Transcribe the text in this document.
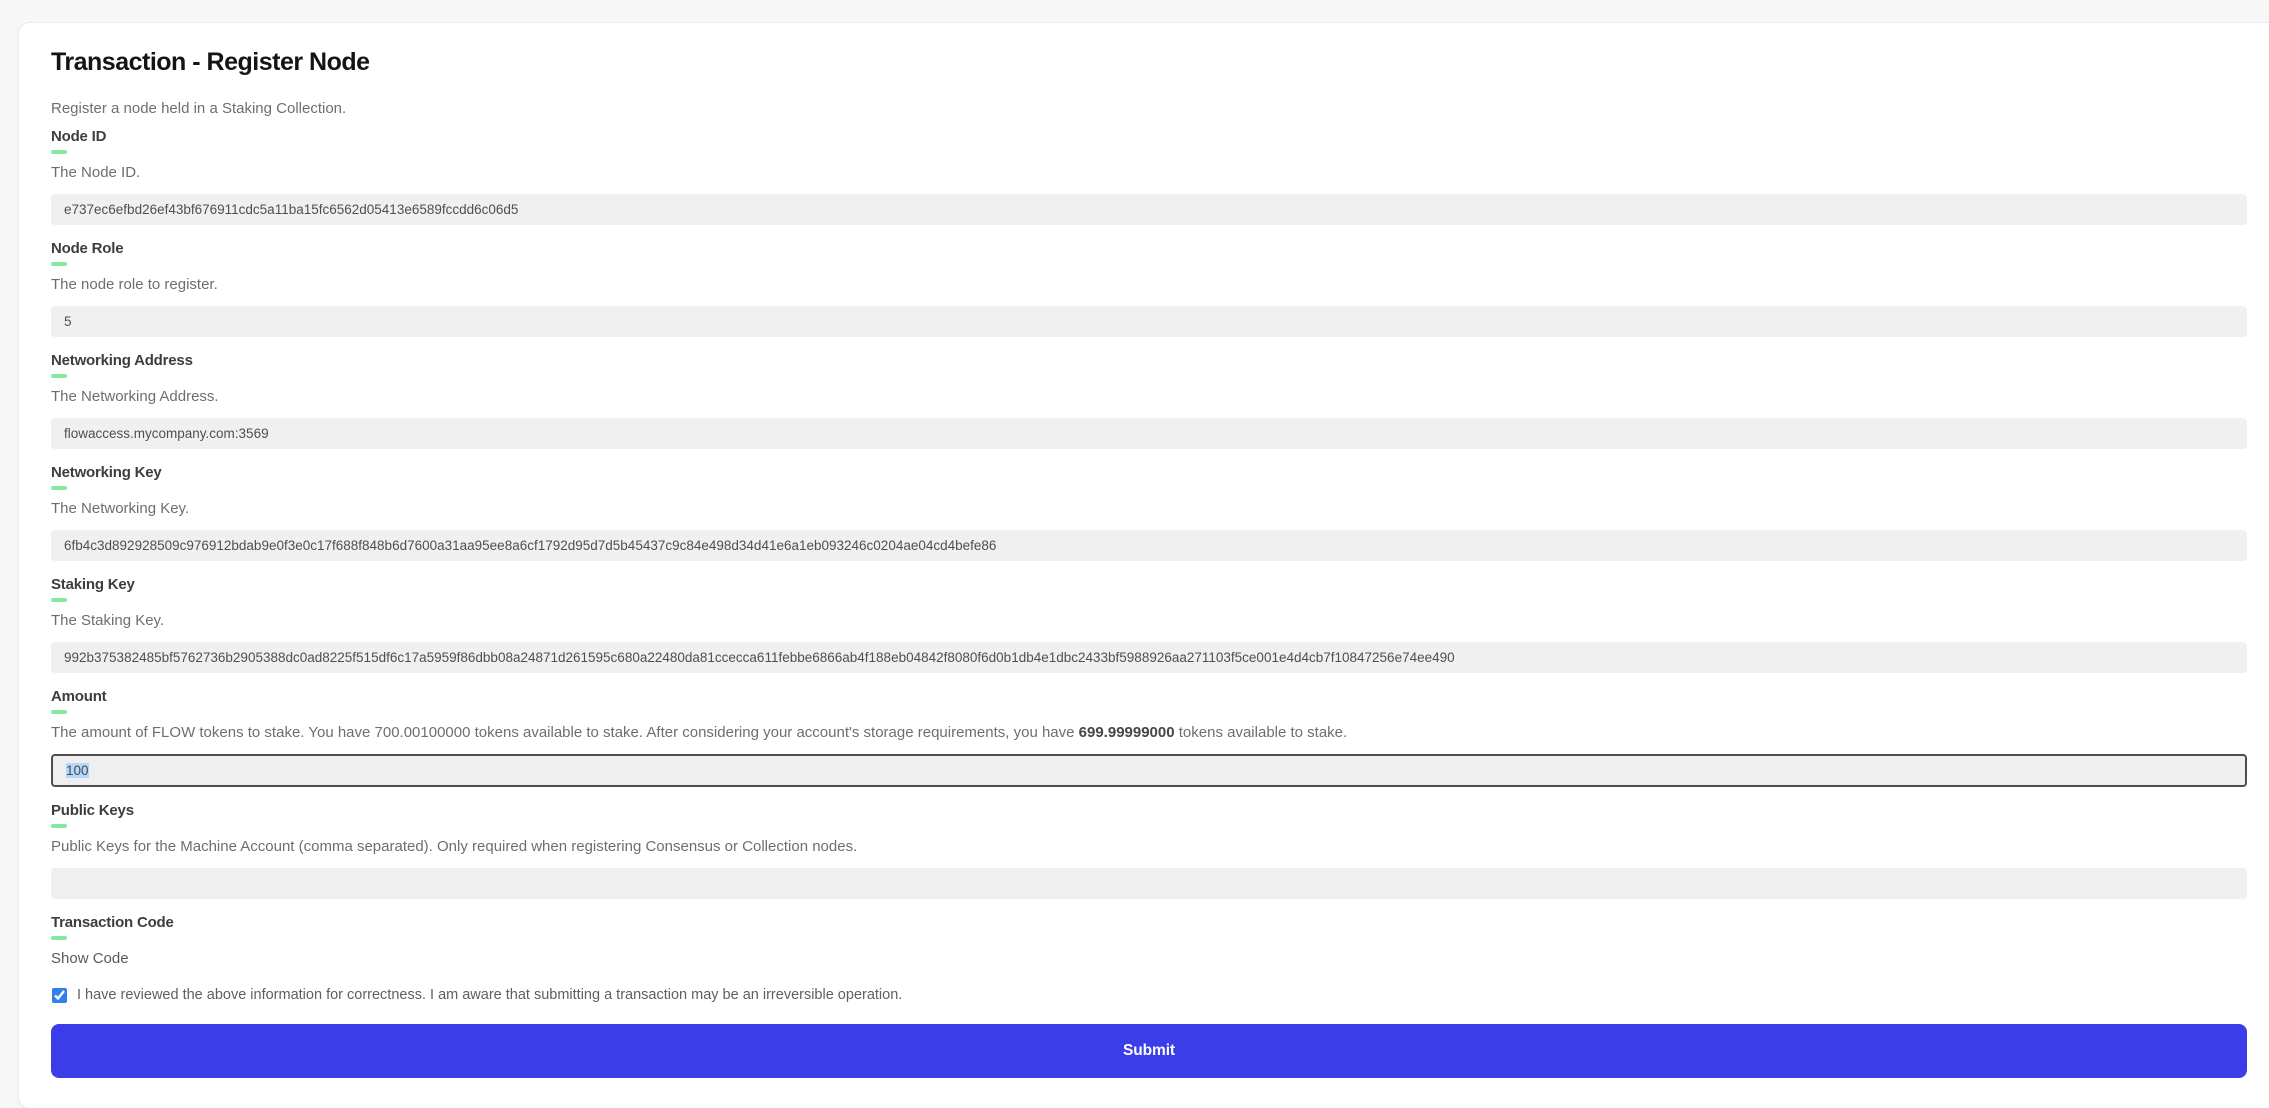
Transaction - Register Node

Register a node held in a Staking Collection.

Node ID

The Node ID.

e737ec6efbd26ef43bf676911cdc5a11ba15fc6562d05413e6589fccdd6c06d5
Node Role

The node role to register.

5
Networking Address

The Networking Address.

flowaccess.mycompany.com:3569
Networking Key

The Networking Key.

6fb4c3d892928509c976912bdab9e0f3e0c17f688f848b6d7600a31aa95ee8a6cf1792d95d7d5b45437c9c84e498d34d41e6a1eb093246c0204ae04cd4befe86
Staking Key

The Staking Key.

992b375382485bf5762736b2905388dc0ad8225f515df6c17a5959f86dbb08a24871d261595c680a22480da81ccecca611febbe6866ab4f188eb04842f8080f6d0b1db4e1dbc2433bf5988926aa271103f5ce001e4d4cb7f10847256e74ee490
Amount

The amount of FLOW tokens to stake. You have 700.00100000 tokens available to stake. After considering your account's storage requirements, you have 699.99999000 tokens available to stake.

100
Public Keys

Public Keys for the Machine Account (comma separated). Only required when registering Consensus or Collection nodes.

Transaction Code

Show Code

I have reviewed the above information for correctness. I am aware that submitting a transaction may be an irreversible operation.
Submit
